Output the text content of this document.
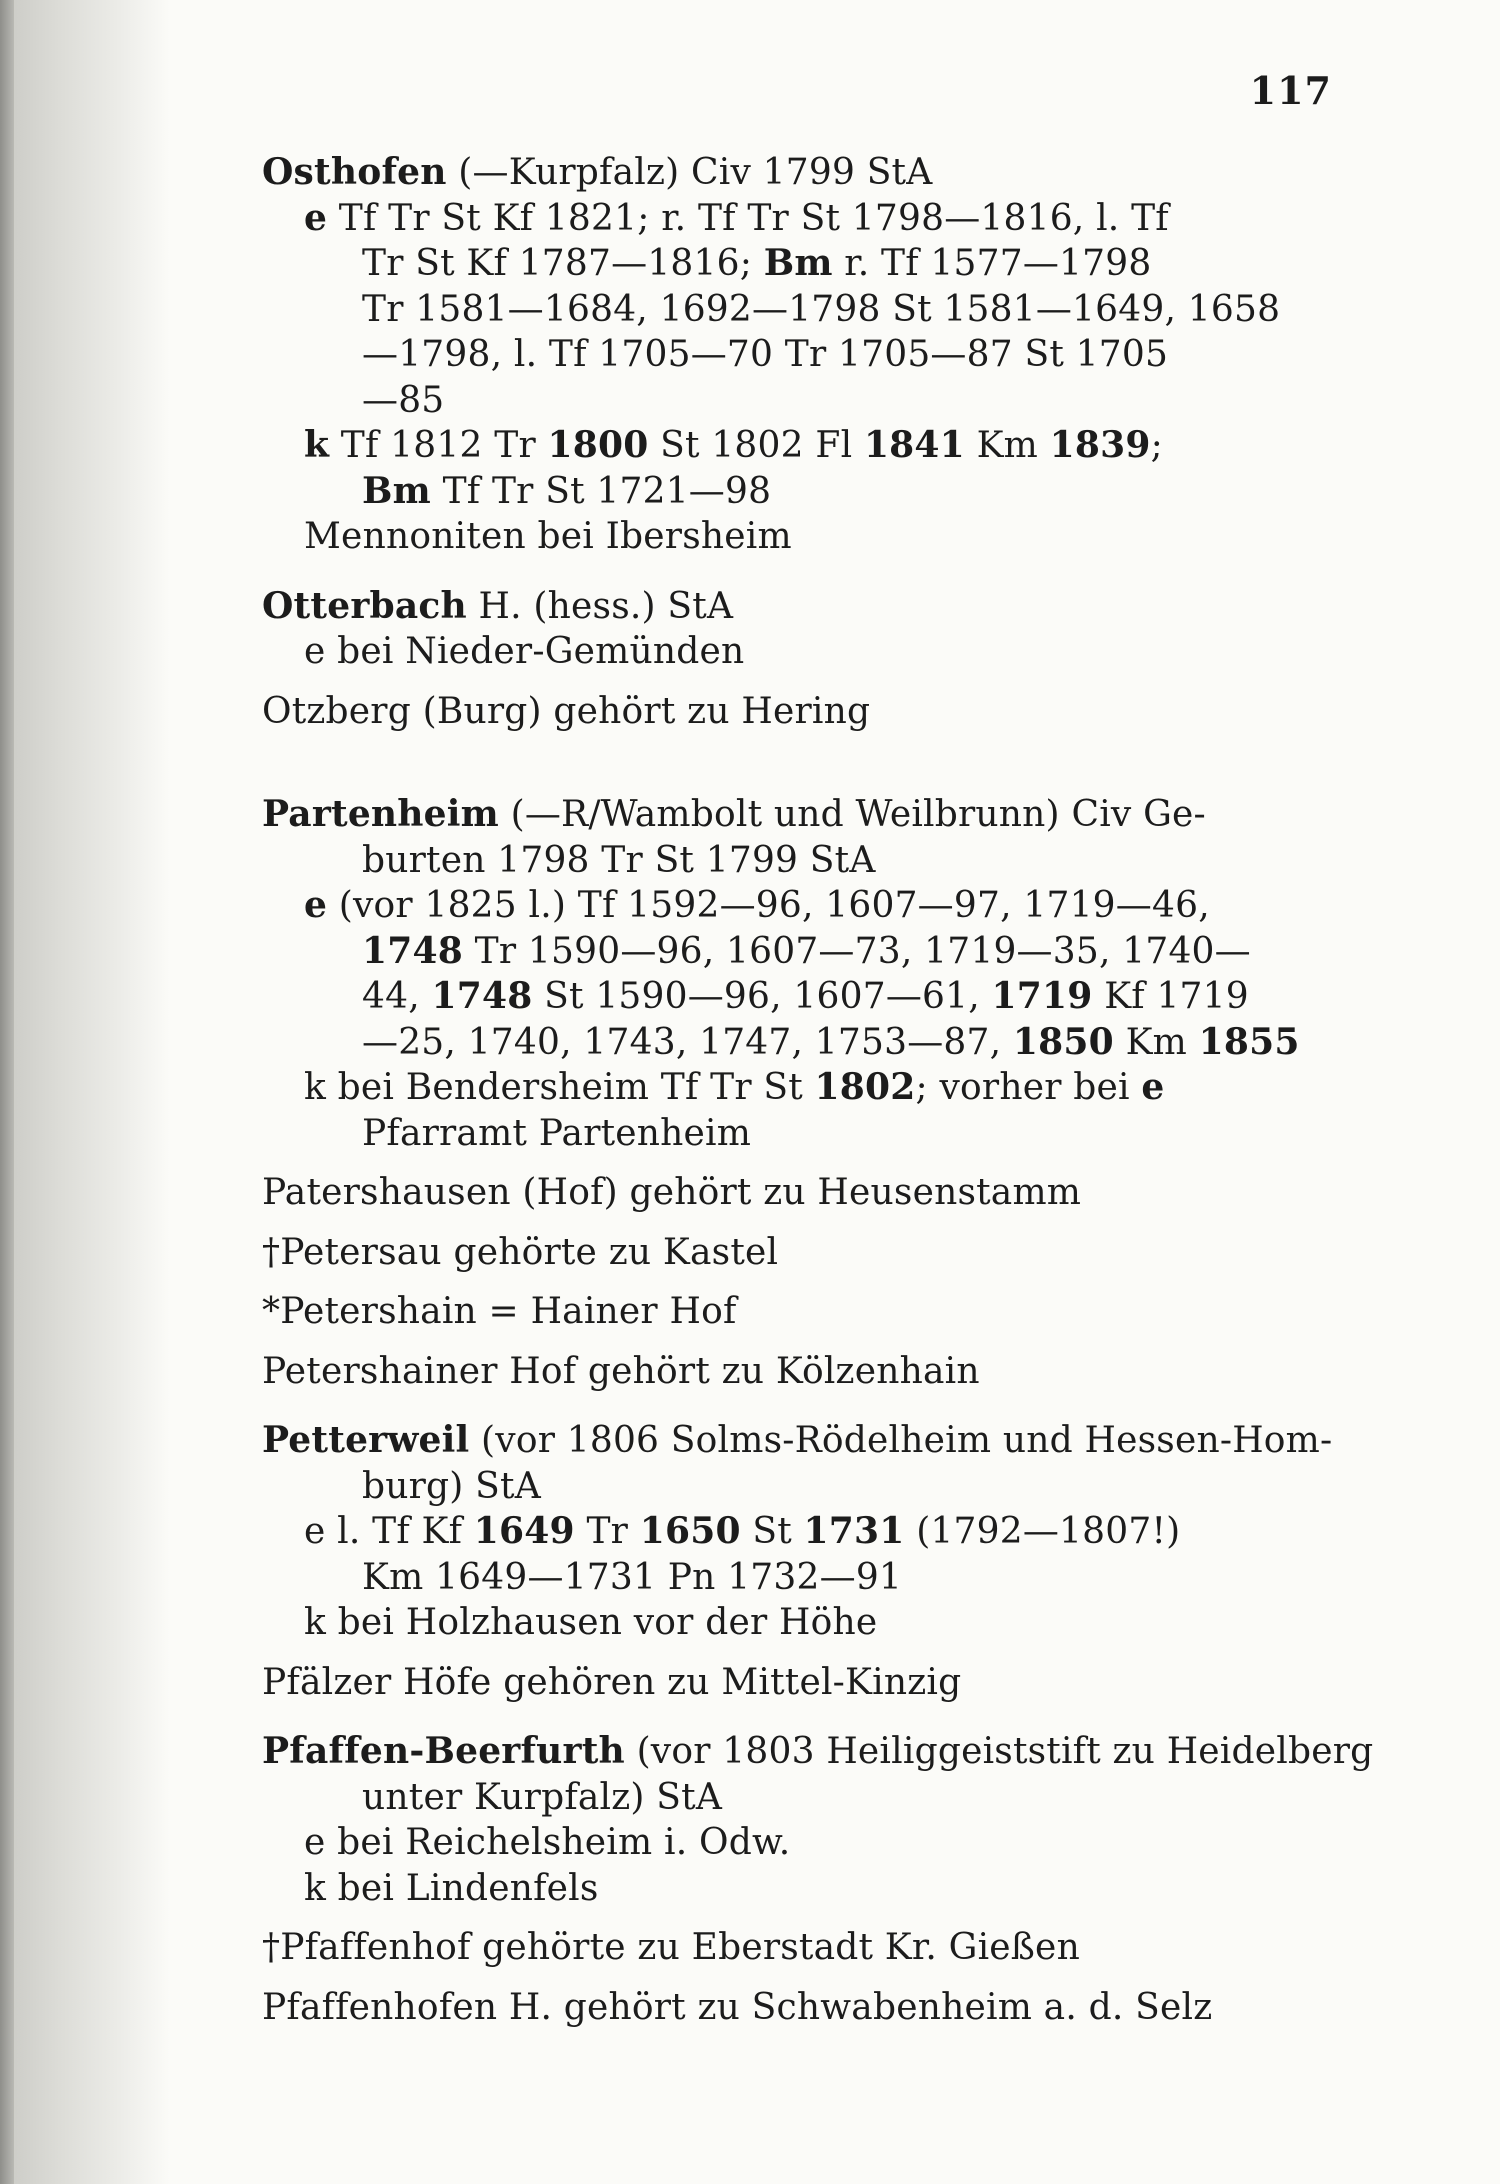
117
Osthofen (—Kurpfalz) Civ 1799 StA
e Tf Tr St Kf 1821; r. Tf Tr St 1798—1816, l. Tf
Tr St Kf 1787—1816; Bm r. Tf 1577—1798
Tr 1581—1684, 1692—1798 St 1581—1649, 1658
—1798, l. Tf 1705—70 Tr 1705—87 St 1705
—85
k Tf 1812 Tr 1800 St 1802 Fl 1841 Km 1839;
Bm Tf Tr St 1721—98
Mennoniten bei Ibersheim
Otterbach H. (hess.) StA
e bei Nieder-Gemünden
Otzberg (Burg) gehört zu Hering
Partenheim (—R/Wambolt und Weilbrunn) Civ Ge-
burten 1798 Tr St 1799 StA
e (vor 1825 l.) Tf 1592—96, 1607—97, 1719—46,
1748 Tr 1590—96, 1607—73, 1719—35, 1740—
44, 1748 St 1590—96, 1607—61, 1719 Kf 1719
—25, 1740, 1743, 1747, 1753—87, 1850 Km 1855
k bei Bendersheim Tf Tr St 1802; vorher bei e
Pfarramt Partenheim
Patershausen (Hof) gehört zu Heusenstamm
†Petersau gehörte zu Kastel
*Petershain = Hainer Hof
Petershainer Hof gehört zu Kölzenhain
Petterweil (vor 1806 Solms-Rödelheim und Hessen-Hom-
burg) StA
e l. Tf Kf 1649 Tr 1650 St 1731 (1792—1807!)
Km 1649—1731 Pn 1732—91
k bei Holzhausen vor der Höhe
Pfälzer Höfe gehören zu Mittel-Kinzig
Pfaffen-Beerfurth (vor 1803 Heiliggeiststift zu Heidelberg
unter Kurpfalz) StA
e bei Reichelsheim i. Odw.
k bei Lindenfels
†Pfaffenhof gehörte zu Eberstadt Kr. Gießen
Pfaffenhofen H. gehört zu Schwabenheim a. d. Selz
